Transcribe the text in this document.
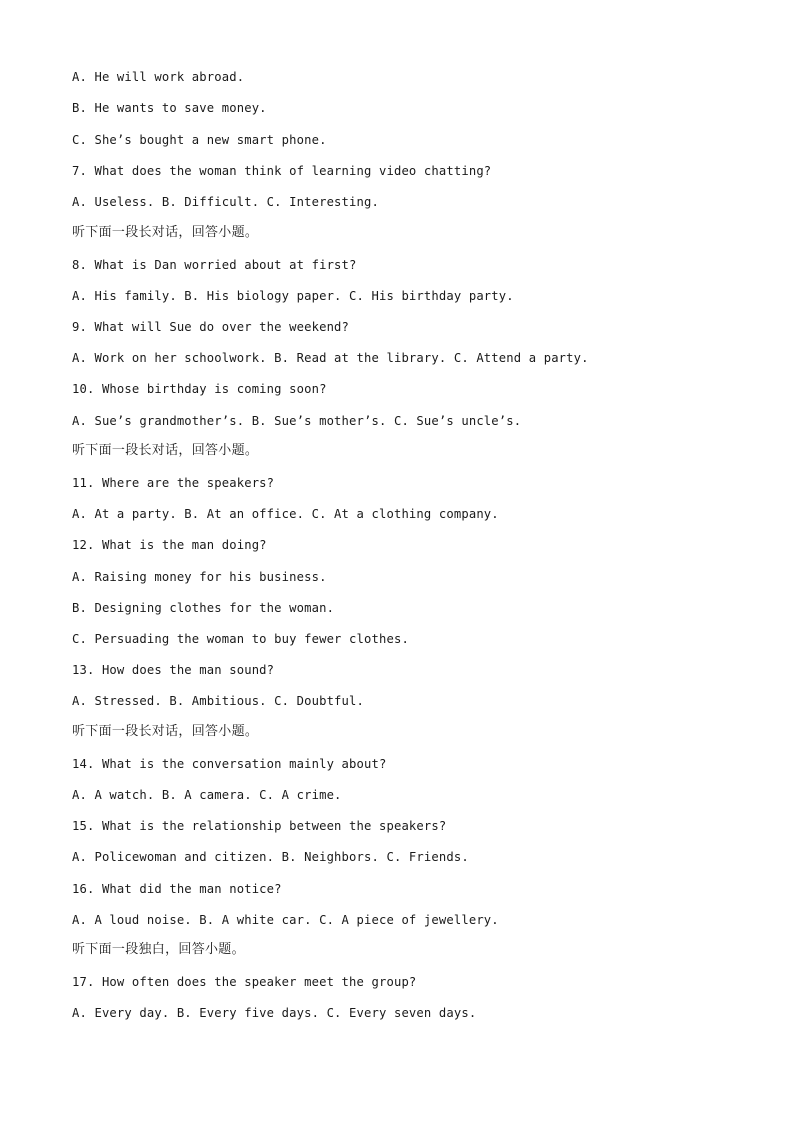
A. He will work abroad.

B. He wants to save money.

C. She’s bought a new smart phone.

7. What does the woman think of learning video chatting?

A. Useless. B. Difficult. C. Interesting.

听下面一段长对话，回答小题。

8. What is Dan worried about at first?

A. His family. B. His biology paper. C. His birthday party.

9. What will Sue do over the weekend?

A. Work on her schoolwork. B. Read at the library. C. Attend a party.

10. Whose birthday is coming soon?

A. Sue’s grandmother’s. B. Sue’s mother’s. C. Sue’s uncle’s.

听下面一段长对话，回答小题。

11. Where are the speakers?

A. At a party. B. At an office. C. At a clothing company.

12. What is the man doing?

A. Raising money for his business.

B. Designing clothes for the woman.

C. Persuading the woman to buy fewer clothes.

13. How does the man sound?

A. Stressed. B. Ambitious. C. Doubtful.

听下面一段长对话，回答小题。

14. What is the conversation mainly about?

A. A watch. B. A camera. C. A crime.

15. What is the relationship between the speakers?

A. Policewoman and citizen. B. Neighbors. C. Friends.

16. What did the man notice?

A. A loud noise. B. A white car. C. A piece of jewellery.

听下面一段独白，回答小题。

17. How often does the speaker meet the group?

A. Every day. B. Every five days. C. Every seven days.
